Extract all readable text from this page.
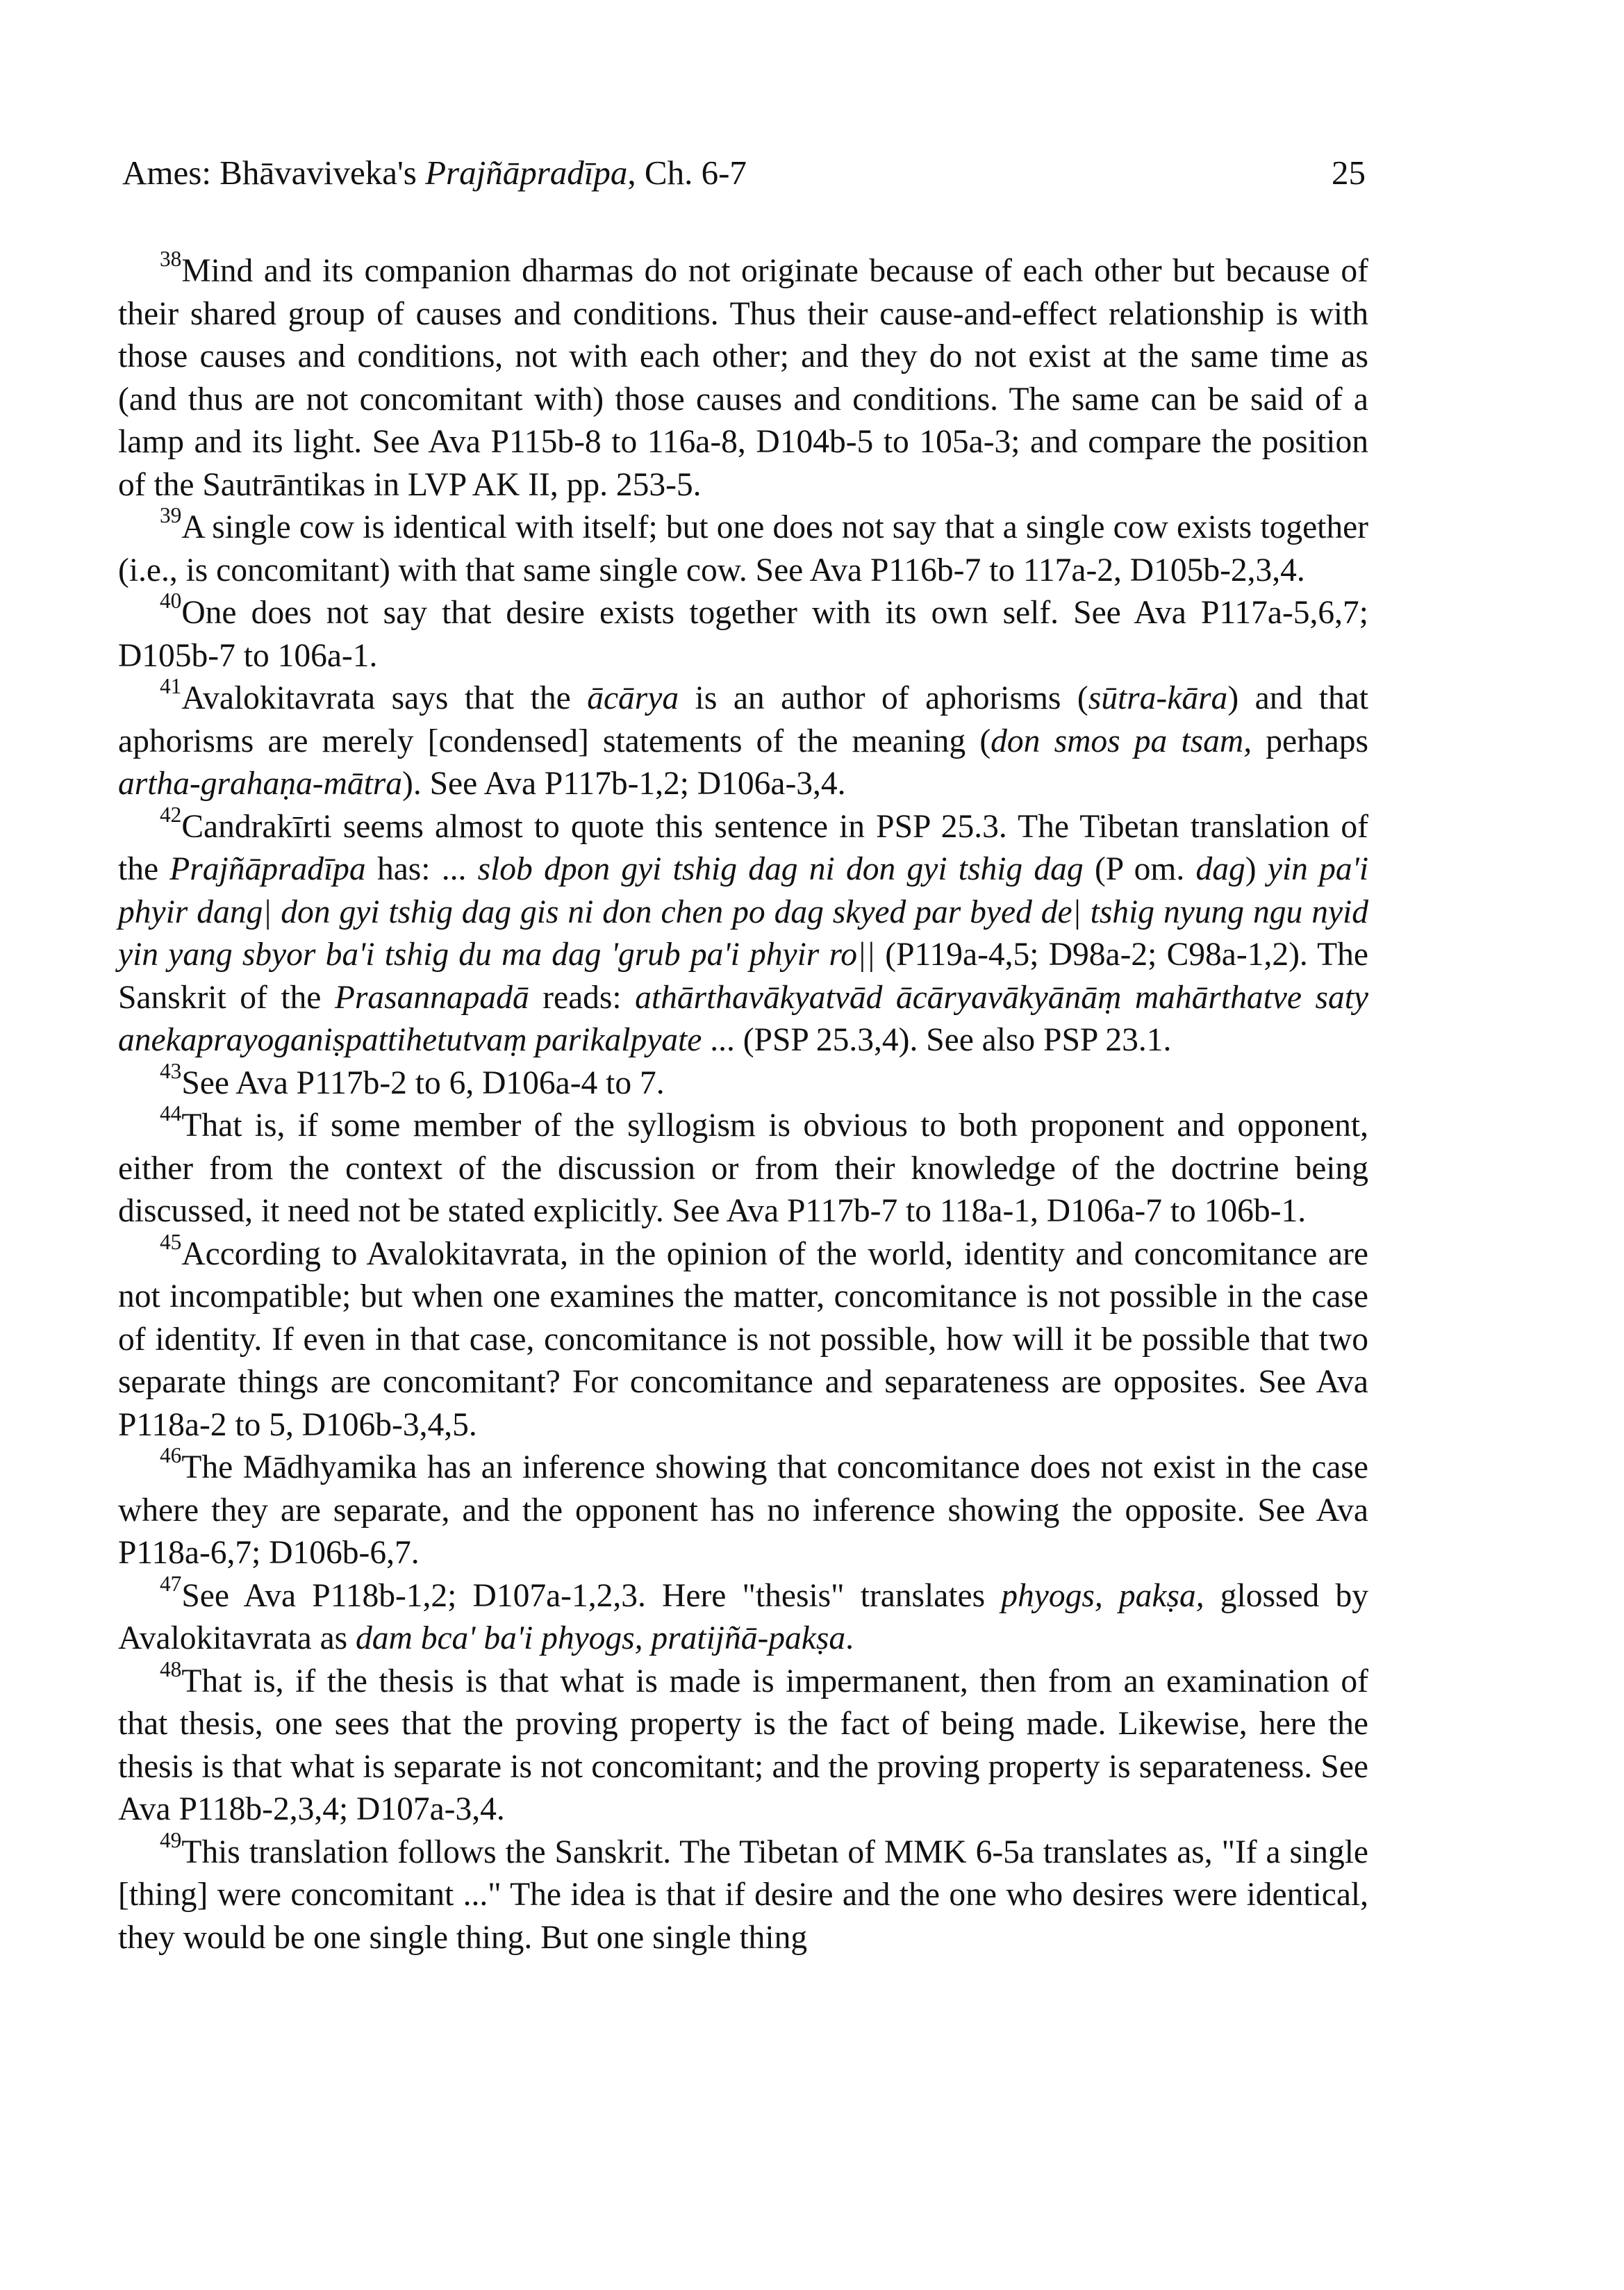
Ames: Bhāvaviveka's Prajñāpradīpa, Ch. 6-7	25

$^{38}$Mind and its companion dharmas do not originate because of each other but because of their shared group of causes and conditions. Thus their cause-and-effect relationship is with those causes and conditions, not with each other; and they do not exist at the same time as (and thus are not concomitant with) those causes and conditions. The same can be said of a lamp and its light. See Ava P115b-8 to 116a-8, D104b-5 to 105a-3; and compare the position of the Sautrāntikas in LVP AK II, pp. 253-5.

$^{39}$A single cow is identical with itself; but one does not say that a single cow exists together (i.e., is concomitant) with that same single cow. See Ava P116b-7 to 117a-2, D105b-2,3,4.

$^{40}$One does not say that desire exists together with its own self. See Ava P117a-5,6,7; D105b-7 to 106a-1.

$^{41}$Avalokitavrata says that the ācārya is an author of aphorisms (sūtra-kāra) and that aphorisms are merely [condensed] statements of the meaning (don smos pa tsam, perhaps artha-grahaṇa-mātra). See Ava P117b-1,2; D106a-3,4.

$^{42}$Candrakīrti seems almost to quote this sentence in PSP 25.3. The Tibetan translation of the Prajñāpradīpa has: ... slob dpon gyi tshig dag ni don gyi tshig dag (P om. dag) yin pa'i phyir dang| don gyi tshig dag gis ni don chen po dag skyed par byed de| tshig nyung ngu nyid yin yang sbyor ba'i tshig du ma dag 'grub pa'i phyir ro|| (P119a-4,5; D98a-2; C98a-1,2). The Sanskrit of the Prasannapadā reads: athārthavākyatvād ācāryavākyānāṃ mahārthatve saty anekaprayoganiṣpattihetutvaṃ parikalpyate ... (PSP 25.3,4). See also PSP 23.1.

$^{43}$See Ava P117b-2 to 6, D106a-4 to 7.

$^{44}$That is, if some member of the syllogism is obvious to both proponent and opponent, either from the context of the discussion or from their knowledge of the doctrine being discussed, it need not be stated explicitly. See Ava P117b-7 to 118a-1, D106a-7 to 106b-1.

$^{45}$According to Avalokitavrata, in the opinion of the world, identity and concomitance are not incompatible; but when one examines the matter, concomitance is not possible in the case of identity. If even in that case, concomitance is not possible, how will it be possible that two separate things are concomitant? For concomitance and separateness are opposites. See Ava P118a-2 to 5, D106b-3,4,5.

$^{46}$The Mādhyamika has an inference showing that concomitance does not exist in the case where they are separate, and the opponent has no inference showing the opposite. See Ava P118a-6,7; D106b-6,7.

$^{47}$See Ava P118b-1,2; D107a-1,2,3. Here "thesis" translates phyogs, pakṣa, glossed by Avalokitavrata as dam bca' ba'i phyogs, pratijñā-pakṣa.

$^{48}$That is, if the thesis is that what is made is impermanent, then from an examination of that thesis, one sees that the proving property is the fact of being made. Likewise, here the thesis is that what is separate is not concomitant; and the proving property is separateness. See Ava P118b-2,3,4; D107a-3,4.

$^{49}$This translation follows the Sanskrit. The Tibetan of MMK 6-5a translates as, "If a single [thing] were concomitant ..." The idea is that if desire and the one who desires were identical, they would be one single thing. But one single thing
